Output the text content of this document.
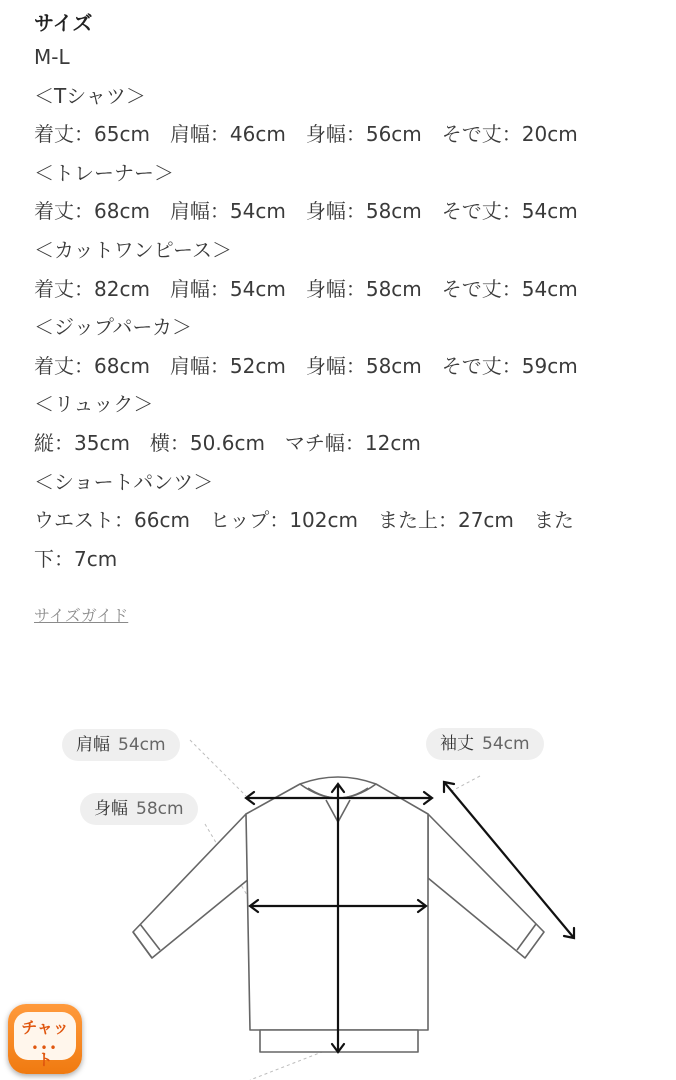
サイズ

M-L

＜Tシャツ＞

着丈：65cm　肩幅：46cm　身幅：56cm　そで丈：20cm

＜トレーナー＞

着丈：68cm　肩幅：54cm　身幅：58cm　そで丈：54cm

＜カットワンピース＞

着丈：82cm　肩幅：54cm　身幅：58cm　そで丈：54cm

＜ジップパーカ＞

着丈：68cm　肩幅：52cm　身幅：58cm　そで丈：59cm

＜リュック＞

縦：35cm　横：50.6cm　マチ幅：12cm

＜ショートパンツ＞

ウエスト：66cm　ヒップ：102cm　また上：27cm　また

下：7cm

サイズガイド
肩幅 54cm
身幅 58cm
袖丈 54cm
チャット
•••
